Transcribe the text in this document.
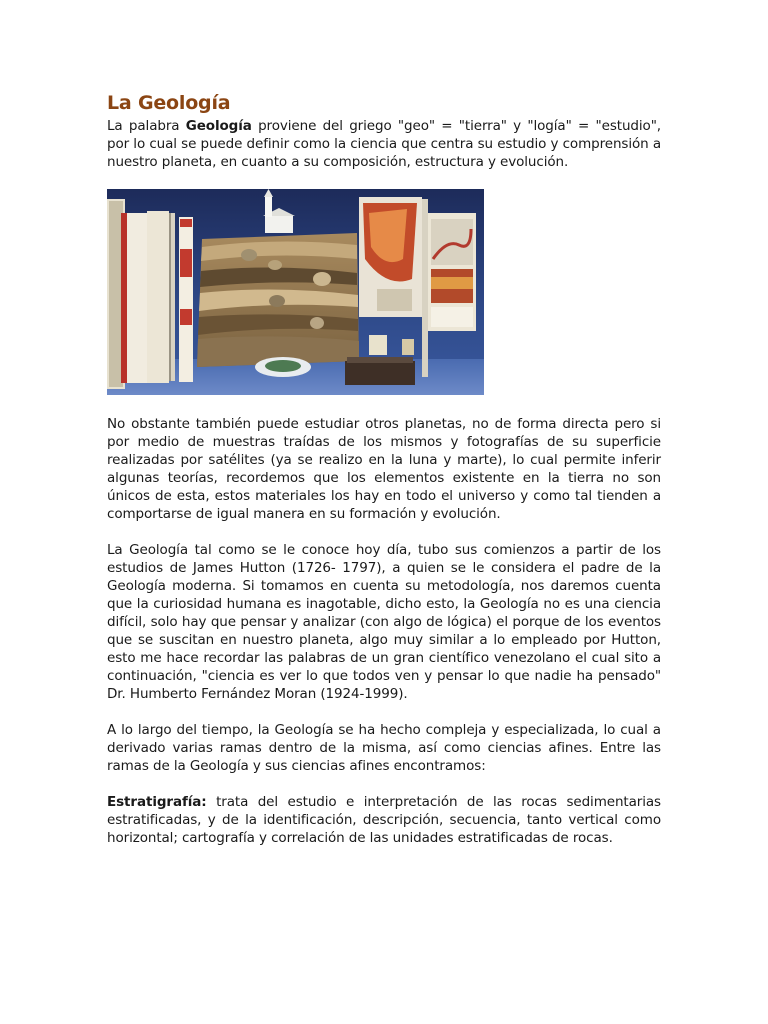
La Geología

La palabra Geología proviene del griego "geo" = "tierra" y "logía" = "estudio", por lo cual se puede definir como la ciencia que centra su estudio y comprensión a nuestro planeta, en cuanto a su composición, estructura y evolución.

No obstante también puede estudiar otros planetas, no de forma directa pero si por medio de muestras traídas de los mismos y fotografías de su superficie realizadas por satélites (ya se realizo en la luna y marte), lo cual permite inferir algunas teorías, recordemos que los elementos existente en la tierra no son únicos de esta, estos materiales los hay en todo el universo y como tal tienden a comportarse de igual manera en su formación y evolución.

La Geología tal como se le conoce hoy día, tubo sus comienzos a partir de los estudios de James Hutton (1726- 1797), a quien se le considera el padre de la Geología moderna. Si tomamos en cuenta su metodología, nos daremos cuenta que la curiosidad humana es inagotable, dicho esto, la Geología no es una ciencia difícil, solo hay que pensar y analizar (con algo de lógica) el porque de los eventos que se suscitan en nuestro planeta, algo muy similar a lo empleado por Hutton, esto me hace recordar las palabras de un gran científico venezolano el cual sito a continuación, "ciencia es ver lo que todos ven y pensar lo que nadie ha pensado" Dr. Humberto Fernández Moran (1924-1999).

A lo largo del tiempo, la Geología se ha hecho compleja y especializada, lo cual a derivado varias ramas dentro de la misma, así como ciencias afines. Entre las ramas de la Geología y sus ciencias afines encontramos:

Estratigrafía: trata del estudio e interpretación de las rocas sedimentarias estratificadas, y de la identificación, descripción, secuencia, tanto vertical como horizontal; cartografía y correlación de las unidades estratificadas de rocas.
